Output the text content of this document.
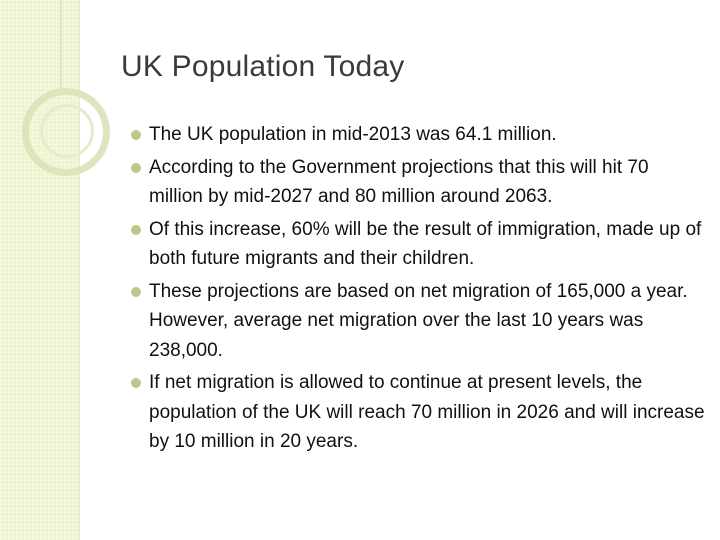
UK Population Today
The UK population in mid-2013 was 64.1 million.
According to the Government projections that this will hit 70 million by mid-2027 and 80 million around 2063.
Of this increase, 60% will be the result of immigration, made up of both future migrants and their children.
These projections are based on net migration of 165,000 a year. However, average net migration over the last 10 years was 238,000.
If net migration is allowed to continue at present levels, the population of the UK will reach 70 million in 2026 and will increase by 10 million in 20 years.
